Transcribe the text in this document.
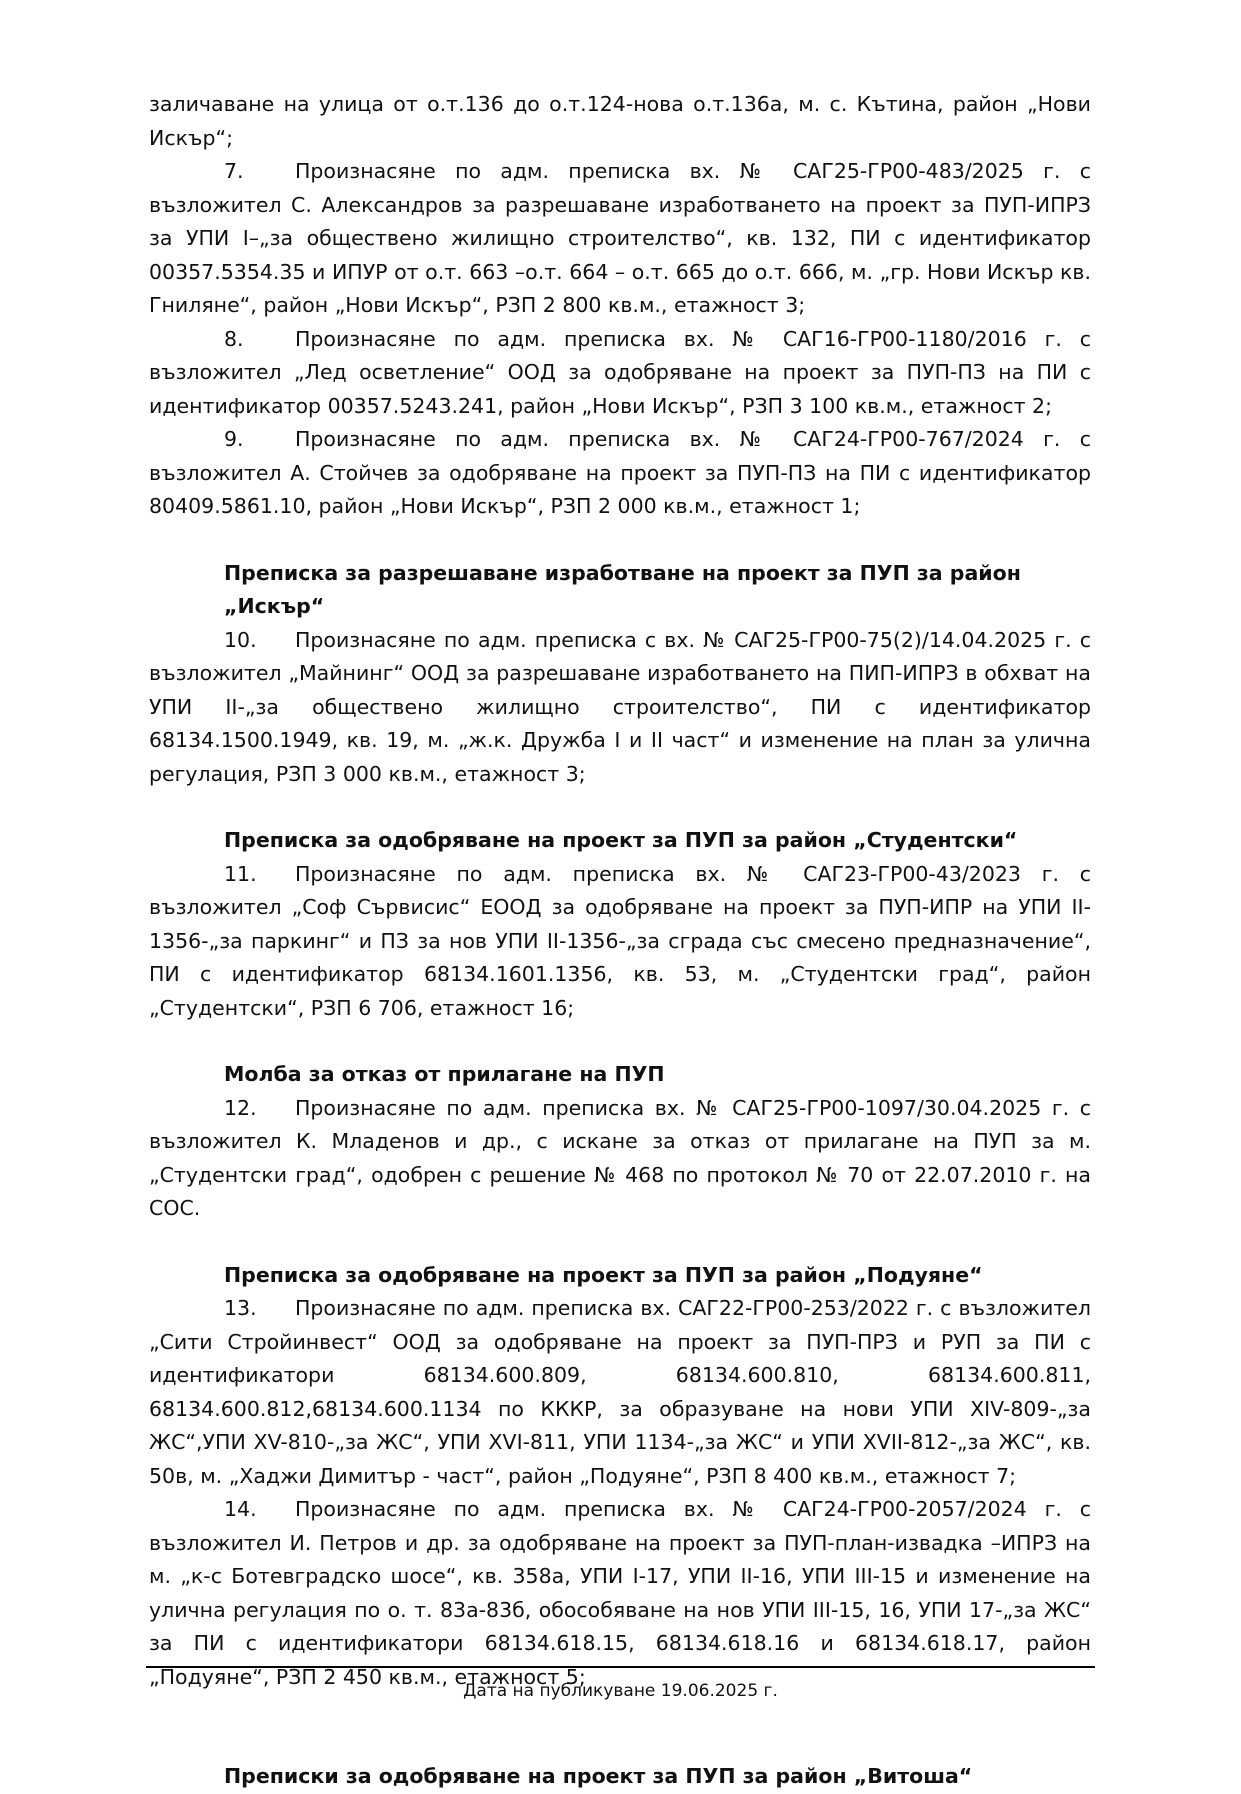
заличаване на улица от о.т.136 до о.т.124-нова о.т.136а, м. с. Кътина, район „Нови Искър“;

7.	Произнасяне по адм. преписка вх. № САГ25-ГР00-483/2025 г. с възложител С. Александров за разрешаване изработването на проект за ПУП-ИПРЗ за УПИ I–„за обществено жилищно строителство“, кв. 132, ПИ с идентификатор 00357.5354.35 и ИПУР от о.т. 663 –о.т. 664 – о.т. 665 до о.т. 666, м. „гр. Нови Искър кв. Гниляне“, район „Нови Искър“, РЗП 2 800 кв.м., етажност 3;

8.	Произнасяне по адм. преписка вх. № САГ16-ГР00-1180/2016 г. с възложител „Лед осветление“ ООД за одобряване на проект за ПУП-ПЗ на ПИ с идентификатор 00357.5243.241, район „Нови Искър“, РЗП 3 100 кв.м., етажност 2;

9.	Произнасяне по адм. преписка вх. № САГ24-ГР00-767/2024 г. с възложител А. Стойчев за одобряване на проект за ПУП-ПЗ на ПИ с идентификатор 80409.5861.10, район „Нови Искър“, РЗП 2 000 кв.м., етажност 1;

Преписка за разрешаване изработване на проект за ПУП за район „Искър“

10. Произнасяне по адм. преписка с вх. № САГ25-ГР00-75(2)/14.04.2025 г. с възложител „Майнинг“ ООД за разрешаване изработването на ПИП-ИПРЗ в обхват на УПИ II-„за обществено жилищно строителство“, ПИ с идентификатор 68134.1500.1949, кв. 19, м. „ж.к. Дружба I и II част“ и изменение на план за улична регулация, РЗП 3 000 кв.м., етажност 3;

Преписка за одобряване на проект за ПУП за район „Студентски“

11. Произнасяне по адм. преписка вх. № САГ23-ГР00-43/2023 г. с възложител „Соф Сървисис“ ЕООД за одобряване на проект за ПУП-ИПР на УПИ II-1356-„за паркинг“ и ПЗ за нов УПИ II-1356-„за сграда със смесено предназначение“, ПИ с идентификатор 68134.1601.1356, кв. 53, м. „Студентски град“, район „Студентски“, РЗП 6 706, етажност 16;

Молба за отказ от прилагане на ПУП

12. Произнасяне по адм. преписка вх. № САГ25-ГР00-1097/30.04.2025 г. с възложител К. Младенов и др., с искане за отказ от прилагане на ПУП за м. „Студентски град“, одобрен с решение № 468 по протокол № 70 от 22.07.2010 г. на СОС.

Преписка за одобряване на проект за ПУП за район „Подуяне“

13. Произнасяне по адм. преписка вх. САГ22-ГР00-253/2022 г. с възложител „Сити Стройинвест“ ООД за одобряване на проект за ПУП-ПРЗ и РУП за ПИ с идентификатори 68134.600.809, 68134.600.810, 68134.600.811, 68134.600.812,68134.600.1134 по КККР, за образуване на нови УПИ XIV-809-„за ЖС“,УПИ XV-810-„за ЖС“, УПИ XVI-811, УПИ 1134-„за ЖС“ и УПИ XVII-812-„за ЖС“, кв. 50в, м. „Хаджи Димитър - част“, район „Подуяне“, РЗП 8 400 кв.м., етажност 7;

14. Произнасяне по адм. преписка вх. № САГ24-ГР00-2057/2024 г. с възложител И. Петров и др. за одобряване на проект за ПУП-план-извадка –ИПРЗ на м. „к-с Ботевградско шосе“, кв. 358а, УПИ I-17, УПИ II-16, УПИ III-15 и изменение на улична регулация по о. т. 83а-83б, обособяване на нов УПИ III-15, 16, УПИ 17-„за ЖС“ за ПИ с идентификатори 68134.618.15, 68134.618.16 и 68134.618.17, район „Подуяне“, РЗП 2 450 кв.м., етажност 5;

Преписки за одобряване на проект за ПУП за район „Витоша“

Дата на публикуване 19.06.2025 г.
